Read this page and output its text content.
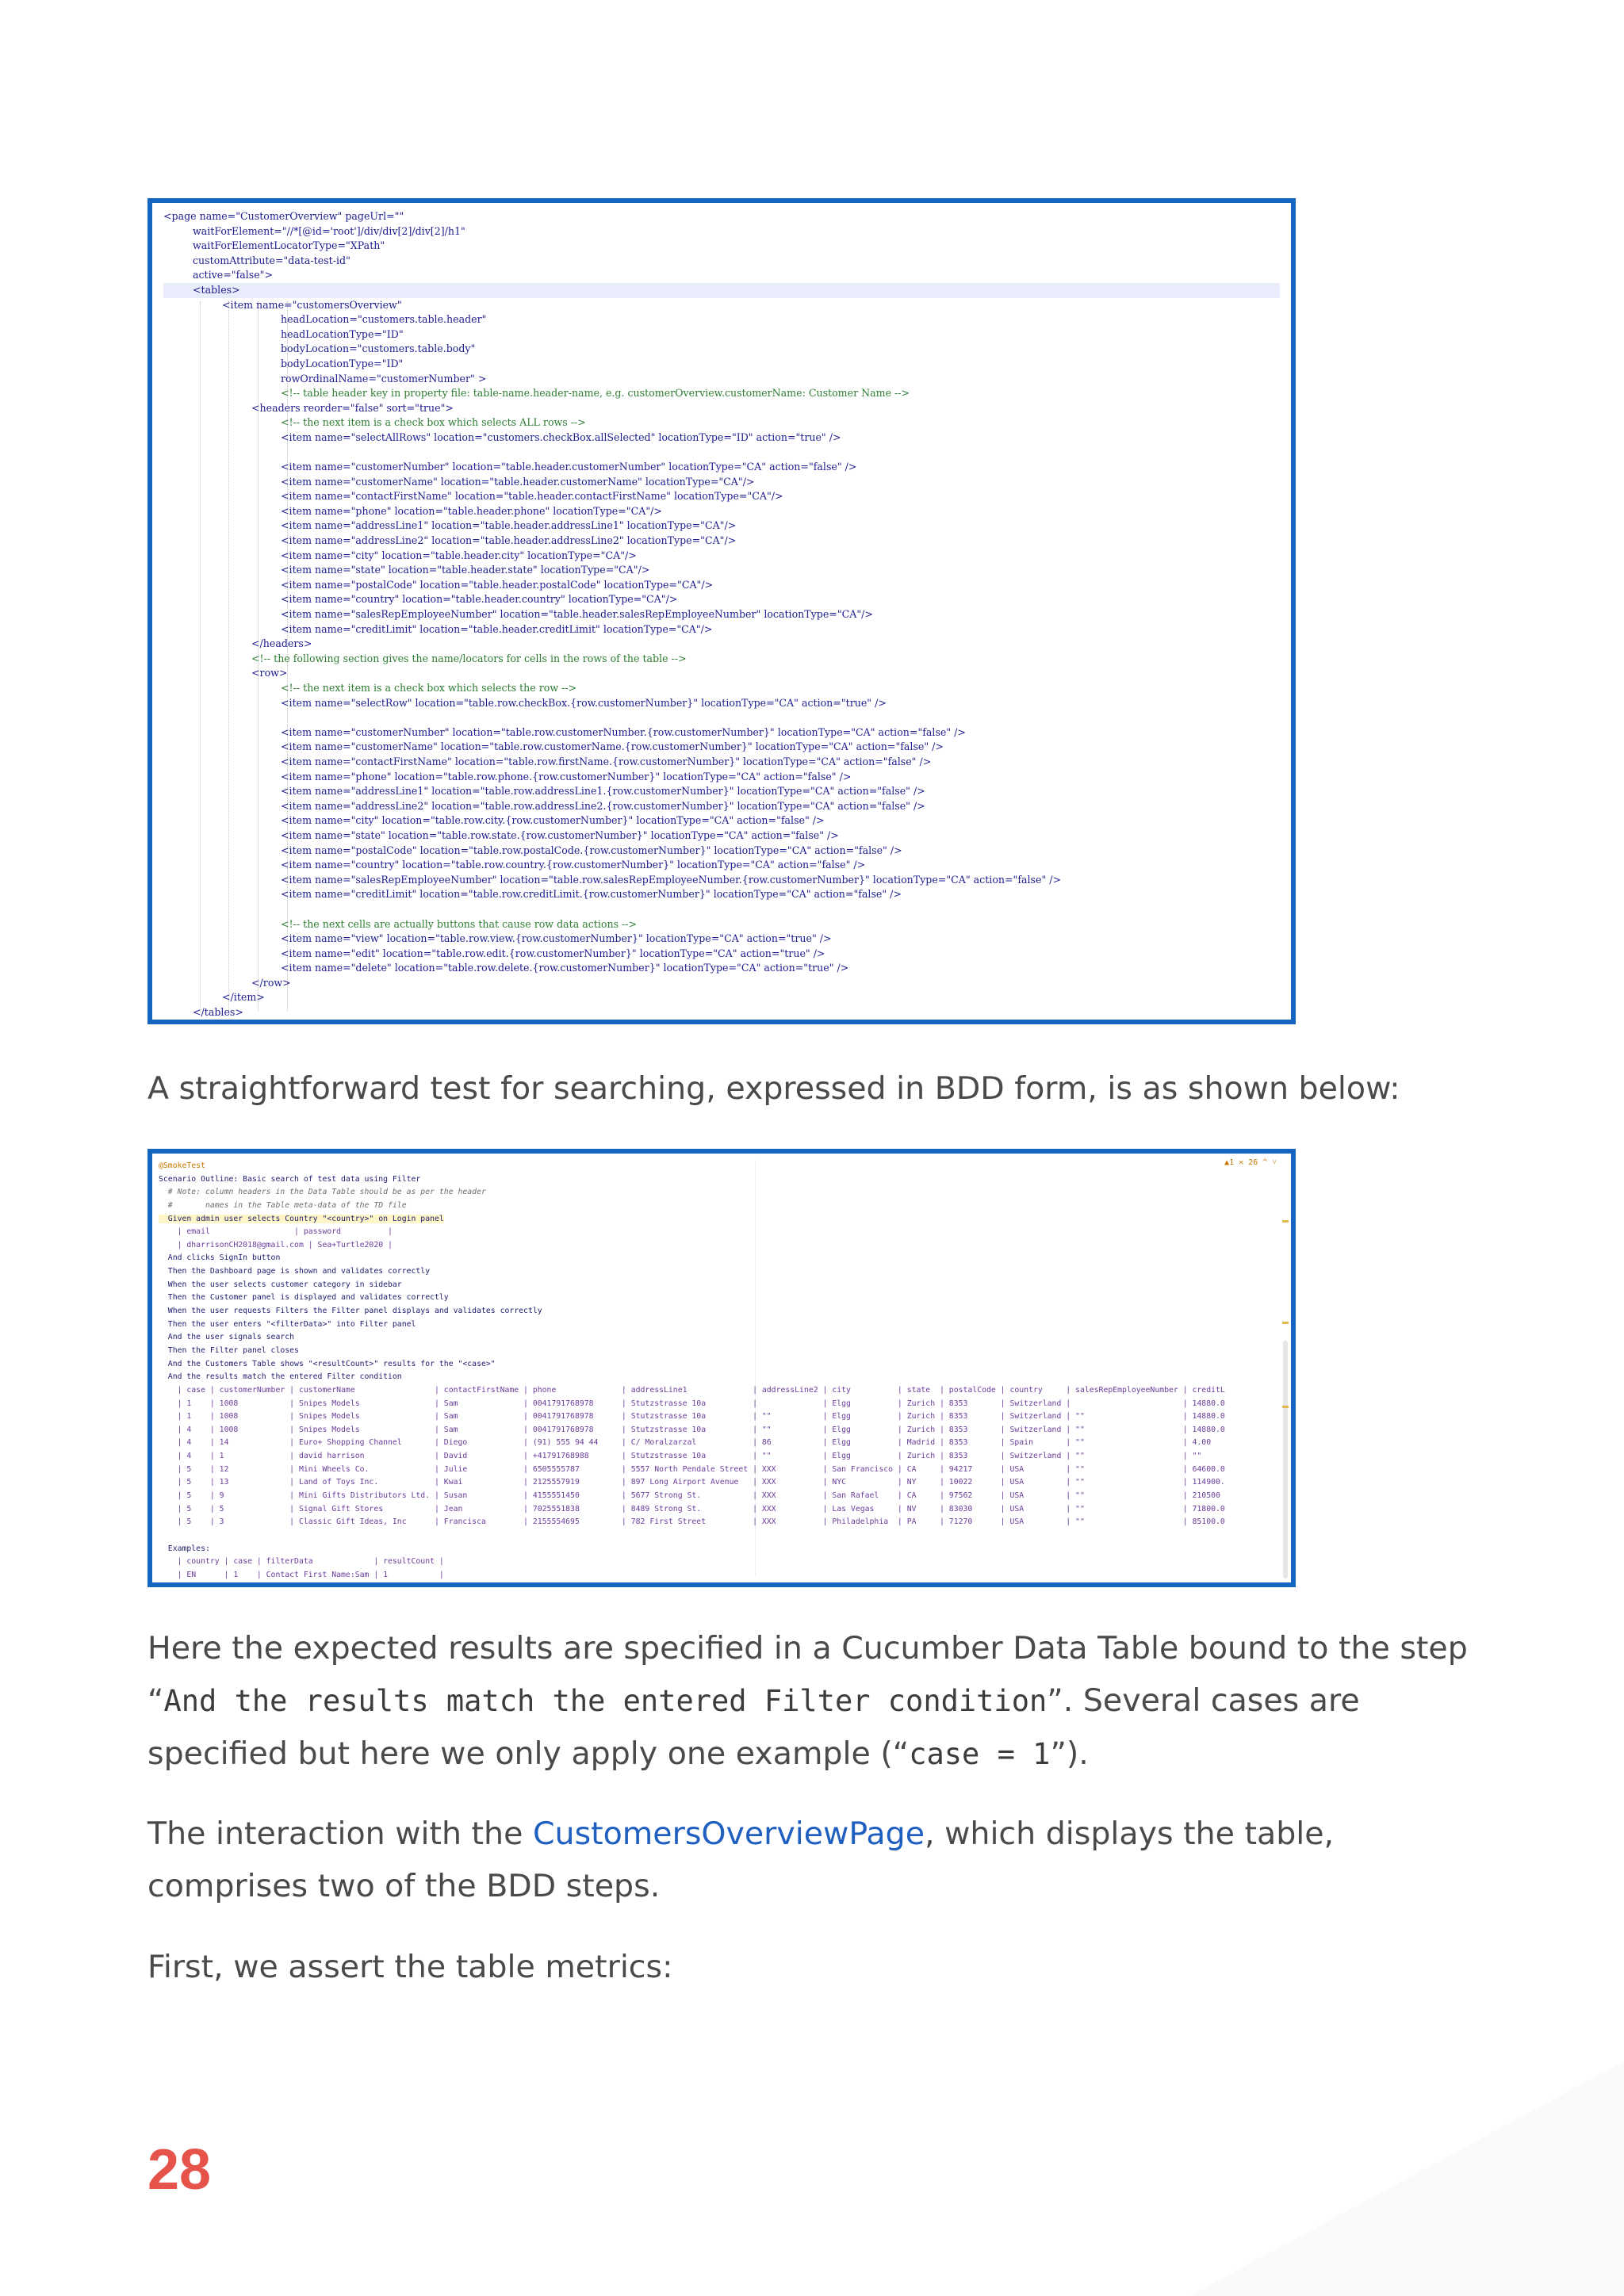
<page name="CustomerOverview" pageUrl=""
waitForElement="//*[@id='root']/div/div[2]/div[2]/h1"
waitForElementLocatorType="XPath"
customAttribute="data-test-id"
active="false">
<tables>
<item name="customersOverview"
headLocation="customers.table.header"
headLocationType="ID"
bodyLocation="customers.table.body"
bodyLocationType="ID"
rowOrdinalName="customerNumber" >
<!-- table header key in property file: table-name.header-name, e.g. customerOverview.customerName: Customer Name -->
<headers reorder="false" sort="true">
<!-- the next item is a check box which selects ALL rows -->
<item name="selectAllRows" location="customers.checkBox.allSelected" locationType="ID" action="true" />
<item name="customerNumber" location="table.header.customerNumber" locationType="CA" action="false" />
<item name="customerName" location="table.header.customerName" locationType="CA"/>
<item name="contactFirstName" location="table.header.contactFirstName" locationType="CA"/>
<item name="phone" location="table.header.phone" locationType="CA"/>
<item name="addressLine1" location="table.header.addressLine1" locationType="CA"/>
<item name="addressLine2" location="table.header.addressLine2" locationType="CA"/>
<item name="city" location="table.header.city" locationType="CA"/>
<item name="state" location="table.header.state" locationType="CA"/>
<item name="postalCode" location="table.header.postalCode" locationType="CA"/>
<item name="country" location="table.header.country" locationType="CA"/>
<item name="salesRepEmployeeNumber" location="table.header.salesRepEmployeeNumber" locationType="CA"/>
<item name="creditLimit" location="table.header.creditLimit" locationType="CA"/>
</headers>
<!-- the following section gives the name/locators for cells in the rows of the table -->
<row>
<!-- the next item is a check box which selects the row -->
<item name="selectRow" location="table.row.checkBox.{row.customerNumber}" locationType="CA" action="true" />
<item name="customerNumber" location="table.row.customerNumber.{row.customerNumber}" locationType="CA" action="false" />
<item name="customerName" location="table.row.customerName.{row.customerNumber}" locationType="CA" action="false" />
<item name="contactFirstName" location="table.row.firstName.{row.customerNumber}" locationType="CA" action="false" />
<item name="phone" location="table.row.phone.{row.customerNumber}" locationType="CA" action="false" />
<item name="addressLine1" location="table.row.addressLine1.{row.customerNumber}" locationType="CA" action="false" />
<item name="addressLine2" location="table.row.addressLine2.{row.customerNumber}" locationType="CA" action="false" />
<item name="city" location="table.row.city.{row.customerNumber}" locationType="CA" action="false" />
<item name="state" location="table.row.state.{row.customerNumber}" locationType="CA" action="false" />
<item name="postalCode" location="table.row.postalCode.{row.customerNumber}" locationType="CA" action="false" />
<item name="country" location="table.row.country.{row.customerNumber}" locationType="CA" action="false" />
<item name="salesRepEmployeeNumber" location="table.row.salesRepEmployeeNumber.{row.customerNumber}" locationType="CA" action="false" />
<item name="creditLimit" location="table.row.creditLimit.{row.customerNumber}" locationType="CA" action="false" />
<!-- the next cells are actually buttons that cause row data actions -->
<item name="view" location="table.row.view.{row.customerNumber}" locationType="CA" action="true" />
<item name="edit" location="table.row.edit.{row.customerNumber}" locationType="CA" action="true" />
<item name="delete" location="table.row.delete.{row.customerNumber}" locationType="CA" action="true" />
</row>
</item>
</tables>

A straightforward test for searching, expressed in BDD form, is as shown below:

@SmokeTest
Scenario Outline: Basic search of test data using Filter
# Note: column headers in the Data Table should be as per the header
#       names in the Table meta-data of the TD file
Given admin user selects Country "<country>" on Login panel
| email                  | password          |
| dharrisonCH2018@gmail.com | Sea+Turtle2020 |
And clicks SignIn button
Then the Dashboard page is shown and validates correctly
When the user selects customer category in sidebar
Then the Customer panel is displayed and validates correctly
When the user requests Filters the Filter panel displays and validates correctly
Then the user enters "<filterData>" into Filter panel
And the user signals search
Then the Filter panel closes
And the Customers Table shows "<resultCount>" results for the "<case>"
And the results match the entered Filter condition
| case | customerNumber | customerName                 | contactFirstName | phone              | addressLine1              | addressLine2 | city          | state  | postalCode | country     | salesRepEmployeeNumber | creditL
| 1    | 1008           | Snipes Models                | Sam              | 0041791768978      | Stutzstrasse 10a          |              | Elgg          | Zurich | 8353       | Switzerland |                        | 14880.0
| 1    | 1008           | Snipes Models                | Sam              | 0041791768978      | Stutzstrasse 10a          | ""           | Elgg          | Zurich | 8353       | Switzerland | ""                     | 14880.0
| 4    | 1008           | Snipes Models                | Sam              | 0041791768978      | Stutzstrasse 10a          | ""           | Elgg          | Zurich | 8353       | Switzerland | ""                     | 14880.0
| 4    | 14             | Euro+ Shopping Channel       | Diego            | (91) 555 94 44     | C/ Moralzarzal            | 86           | Elgg          | Madrid | 8353       | Spain       | ""                     | 4.00
| 4    | 1              | david harrison               | David            | +41791768988       | Stutzstrasse 10a          | ""           | Elgg          | Zurich | 8353       | Switzerland | ""                     | ""
| 5    | 12             | Mini Wheels Co.              | Julie            | 6505555787         | 5557 North Pendale Street | XXX          | San Francisco | CA     | 94217      | USA         | ""                     | 64600.0
| 5    | 13             | Land of Toys Inc.            | Kwai             | 2125557919         | 897 Long Airport Avenue   | XXX          | NYC           | NY     | 10022      | USA         | ""                     | 114900.
| 5    | 9              | Mini Gifts Distributors Ltd. | Susan            | 4155551450         | 5677 Strong St.           | XXX          | San Rafael    | CA     | 97562      | USA         | ""                     | 210500
| 5    | 5              | Signal Gift Stores           | Jean             | 7025551838         | 8489 Strong St.           | XXX          | Las Vegas     | NV     | 83030      | USA         | ""                     | 71800.0
| 5    | 3              | Classic Gift Ideas, Inc      | Francisca        | 2155554695         | 782 First Street          | XXX          | Philadelphia  | PA     | 71270      | USA         | ""                     | 85100.0
Examples:
| country | case | filterData             | resultCount |
| EN      | 1    | Contact First Name:Sam | 1           |
▲1 ✕ 26 ^ ˅

Here the expected results are specified in a Cucumber Data Table bound to the step “And the results match the entered Filter condition”. Several cases are specified but here we only apply one example (“case = 1”).

The interaction with the CustomersOverviewPage, which displays the table, comprises two of the BDD steps.

First, we assert the table metrics:

28
